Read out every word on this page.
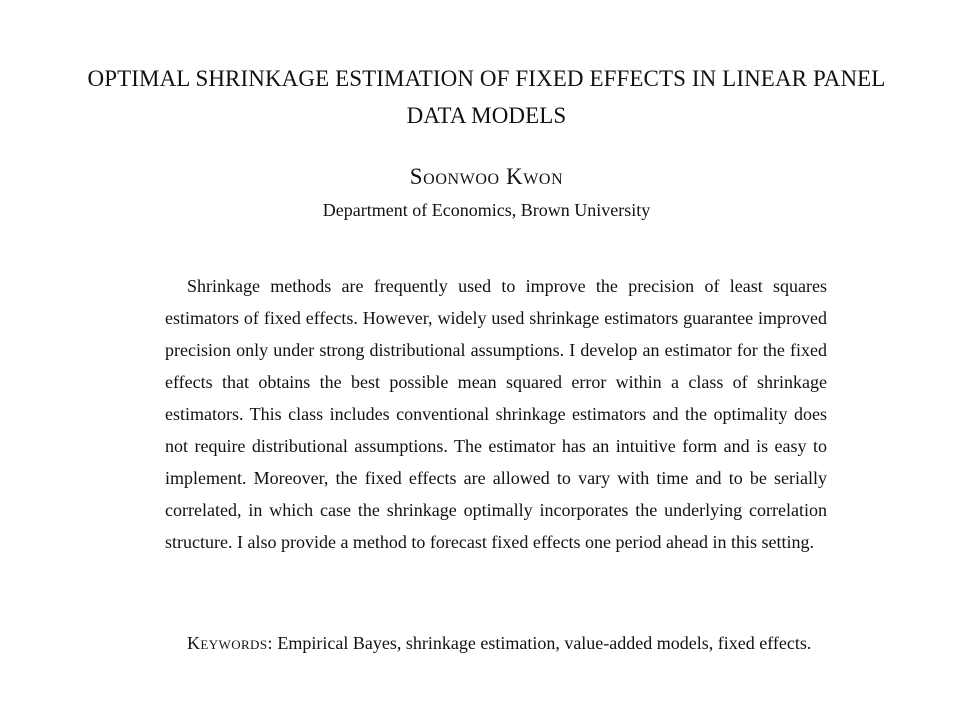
OPTIMAL SHRINKAGE ESTIMATION OF FIXED EFFECTS IN LINEAR PANEL
DATA MODELS
Soonwoo Kwon
Department of Economics, Brown University

Shrinkage methods are frequently used to improve the precision of least squares estimators of fixed effects. However, widely used shrinkage estimators guarantee improved precision only under strong distributional assumptions. I develop an estimator for the fixed effects that obtains the best possible mean squared error within a class of shrinkage estimators. This class includes conventional shrinkage estimators and the optimality does not require distributional assumptions. The estimator has an intuitive form and is easy to implement. Moreover, the fixed effects are allowed to vary with time and to be serially correlated, in which case the shrinkage optimally incorporates the underlying correlation structure. I also provide a method to forecast fixed effects one period ahead in this setting.

Keywords: Empirical Bayes, shrinkage estimation, value-added models, fixed effects.
